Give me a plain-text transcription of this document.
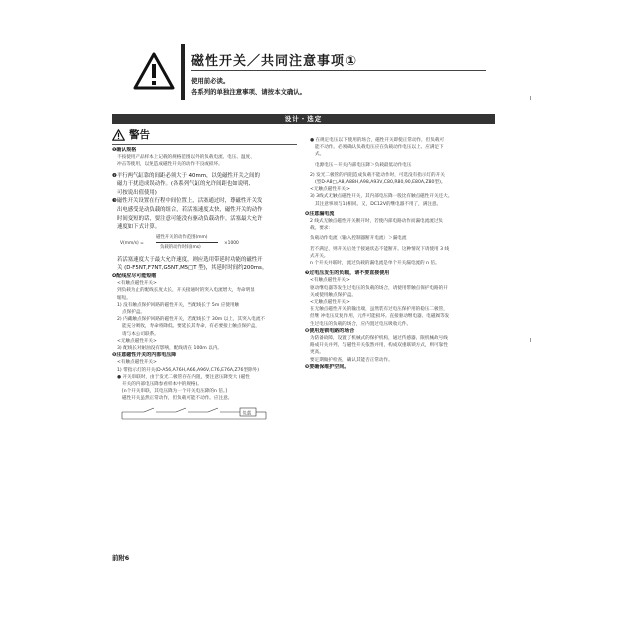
磁性开关／共同注意事项①
使用前必读。
各系列的单独注意事项、请按本文确认。
设计・选定
警告

❶确认规格

不按使用产品样本上记载的规格范围以外的负载电流、电压、温度、

冲击等使用，以免造成磁性开关的动作不良或损坏。

❷平行两气缸靠的间距必须大于 40mm，以免磁性开关之间的

磁力干扰造成误动作。(各系列气缸的允许间距也如说明、

可按说出值使用)

❸磁性开关设置在行程中间位置上，活塞通过时，尊磁性开关发

出电感受是动负载的组合，若活塞速度太快，磁性开关的动作

时间变短的话，要注意可能没有驱动负载动作。活塞最大允许

速度如下式计算。

V(mm/s) =
磁性开关的动作范围(mm)
负载的动作时间(ms)
×1000

若活塞速度大于最大允许速度，则应选用带延时功能的磁性开

关 (D-F5NT,F7NT,G5NT,M5□T 型)，其延时时间约200ms。

❹配线应尽可能短缩

<有触点磁性开关>

到负载为止的配线长度太长，开关接通时的突入电流增大，寿命明显

缩短。

1) 没有触点保护回路的磁性开关，当配线长于 5m 应使用触

点保护盒。

2) 内藏触点保护回路的磁性开关，若配线长于 30m 以上，其突入电流不

能充分吸收，寿命将降低。要延长其寿命，有必要接上触点保护盒，

请与本公司联系。

<无触点磁性开关>

3) 配线长对耐油没有影响，配线请在 100m 以内。

❺注意磁性开关的内部电压降

<有触点磁性开关>

1) 带指示灯的开关(D-A56,A76H,A66,A96V,C76,E76A,Z76型除外)

● 开关串联时，由于发光二极管存在内阻，要注意压降变大 (磁性

开关的内部电压降参看样本中的规格)。

[n个开关串联，其电压降为一个开关电压降的n 倍。]

磁性开关虽然正常动作，但负载可能不动作。应注意。

负载

● 在规定电压以下使用的场合，磁性开关即使正常动作，但负载可

能不动作。必须确认负载电压应在负载动作电压以上、应满足下

式。

电源电压－开关内部电压降＞负载最低动作电压

2) 发光二极管的内阻造成负载不能动作时，可选没有指示灯的开关

(型D-A8□,A8,A88H,A98,A93V,C80,R80,90,E80A,Z80型)。

<无触点磁性开关>

3) 3线式无触点磁性开关，其内部电压降一般比有触点磁性开关还大。

其注意事项与1)相同。又，DC12V的继电器不用了，满注意。

❻注意漏电流

2 线式无触点磁性开关断开时，若使内部电路动作而漏电流流过负

载。要求:

负载动作电流（输入控制器断开电流）＞漏电流

若不满足，则开关后处于接通状态不能断开。这种情况下请使用 3 线

式开关。

n 个开关并联时，流过负载的漏电流是单个开关漏电流的 n 倍。

❼过电压发生的负载，请不要直接使用

<有触点磁性开关>

驱动继电器等发生过电压的负载的场合，请使用带触点保护电路的开

关或使用触点保护盒。

<无触点磁性开关>

在无触点磁性开关的输出端，虽然装有过电压保护用的稳压二极管，

但继 冲电压反复作用，元件可能损坏。直接驱动继电器、电磁阀等发

生过电压的负载的场合，应内置过电压吸收元件。

❽使用连锁电路的场合

为防备故障，设置了机械式的保护机构，通过传感器、限机械故号线

路成开关并列，与磁性开关依然并用，构成双重联锁方式，则可靠性

更高。

要定期做护检查，确认其能否正常动作。

❾要确保维护空间。

前附6
